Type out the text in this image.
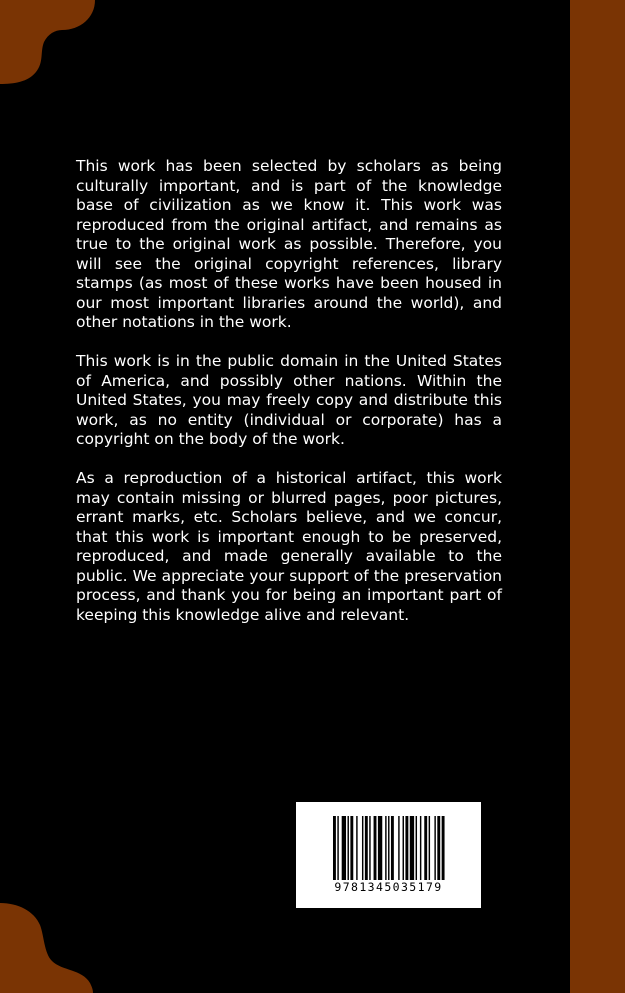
This work has been selected by scholars as being culturally important, and is part of the knowledge base of civilization as we know it. This work was reproduced from the original artifact, and remains as true to the original work as possible. Therefore, you will see the original copyright references, library stamps (as most of these works have been housed in our most important libraries around the world), and other notations in the work.

This work is in the public domain in the United States of America, and possibly other nations. Within the United States, you may freely copy and distribute this work, as no entity (individual or corporate) has a copyright on the body of the work.

As a reproduction of a historical artifact, this work may contain missing or blurred pages, poor pictures, errant marks, etc. Scholars believe, and we concur, that this work is important enough to be preserved, reproduced, and made generally available to the public. We appreciate your support of the preservation process, and thank you for being an important part of keeping this knowledge alive and relevant.

9781345035179
